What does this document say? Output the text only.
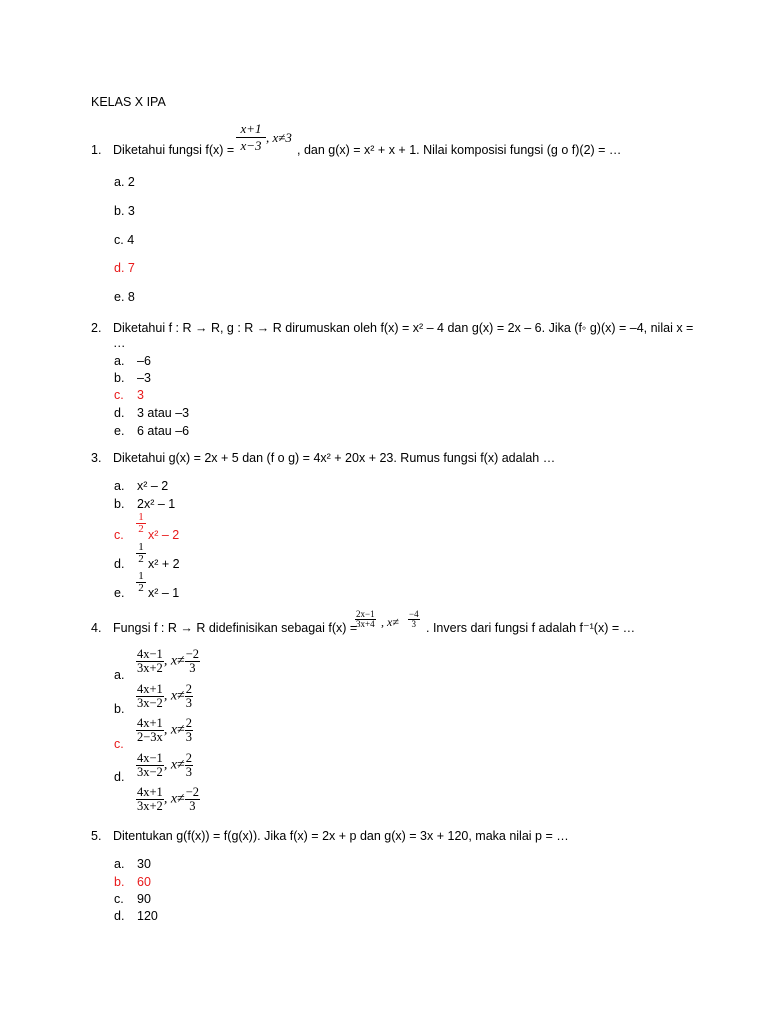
KELAS X IPA
1. Diketahui fungsi f(x) =
x+1
x−3
, x≠3
, dan g(x) = x² + x + 1. Nilai komposisi fungsi (g o f)(2) = …
a. 2
b. 3
c. 4
d. 7
e. 8
2. Diketahui f : R → R, g : R → R dirumuskan oleh f(x) = x² – 4 dan g(x) = 2x – 6. Jika (f◦ g)(x) = –4, nilai x =
…
a. –6
b. –3
c. 3
d. 3 atau –3
e. 6 atau –6
3. Diketahui g(x) = 2x + 5 dan (f o g) = 4x² + 20x + 23. Rumus fungsi f(x) adalah …
a. x² – 2
b. 2x² – 1
c.
1
2 x² – 2
d.
1
2 x² + 2
e.
1
2 x² – 1
4. Fungsi f : R → R didefinisikan sebagai f(x) =
$\frac{2x-1}{3x+4}$ , $x\ne \frac{-4}{3}$ . Invers dari fungsi f adalah f⁻¹(x) = …
a. $\frac{4x-1}{3x+2}$ , $x\ne \frac{-2}{3}$
b. $\frac{4x+1}{3x-2}$ , $x\ne \frac{2}{3}$
c. $\frac{4x+1}{2-3x}$ , $x\ne \frac{2}{3}$
d. $\frac{4x-1}{3x-2}$ , $x\ne \frac{2}{3}$
$\frac{4x+1}{3x+2}$ , $x\ne \frac{-2}{3}$
5. Ditentukan g(f(x)) = f(g(x)). Jika f(x) = 2x + p dan g(x) = 3x + 120, maka nilai p = …
a. 30
b. 60
c. 90
d. 120
